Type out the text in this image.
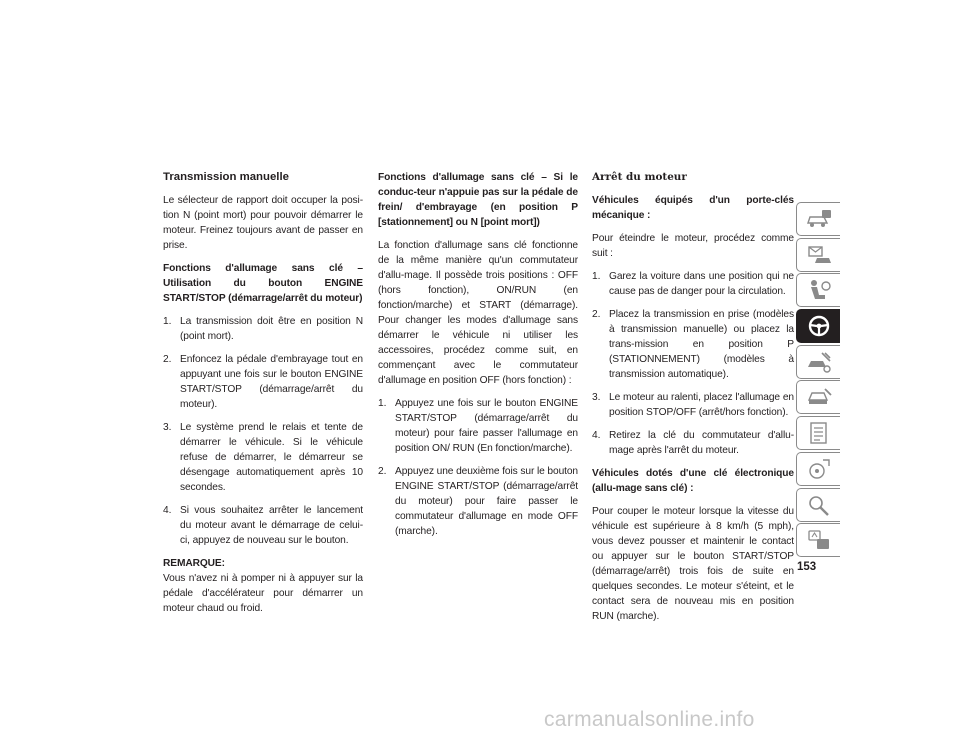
Transmission manuelle
Le sélecteur de rapport doit occuper la posi-tion N (point mort) pour pouvoir démarrer le moteur. Freinez toujours avant de passer en prise.
Fonctions d'allumage sans clé – Utilisation du bouton ENGINE START/STOP (démarrage/arrêt du moteur)
1. La transmission doit être en position N (point mort).
2. Enfoncez la pédale d'embrayage tout en appuyant une fois sur le bouton ENGINE START/STOP (démarrage/arrêt du moteur).
3. Le système prend le relais et tente de démarrer le véhicule. Si le véhicule refuse de démarrer, le démarreur se désengage automatiquement après 10 secondes.
4. Si vous souhaitez arrêter le lancement du moteur avant le démarrage de celui-ci, appuyez de nouveau sur le bouton.
REMARQUE:
Vous n'avez ni à pomper ni à appuyer sur la pédale d'accélérateur pour démarrer un moteur chaud ou froid.
Fonctions d'allumage sans clé – Si le conduc-teur n'appuie pas sur la pédale de frein/ d'embrayage (en position P [stationnement] ou N [point mort])
La fonction d'allumage sans clé fonctionne de la même manière qu'un commutateur d'allu-mage. Il possède trois positions : OFF (hors fonction), ON/RUN (en fonction/marche) et START (démarrage). Pour changer les modes d'allumage sans démarrer le véhicule ni utiliser les accessoires, procédez comme suit, en commençant avec le commutateur d'allumage en position OFF (hors fonction) :
1. Appuyez une fois sur le bouton ENGINE START/STOP (démarrage/arrêt du moteur) pour faire passer l'allumage en position ON/ RUN (En fonction/marche).
2. Appuyez une deuxième fois sur le bouton ENGINE START/STOP (démarrage/arrêt du moteur) pour faire passer le commutateur d'allumage en mode OFF (marche).
Arrêt du moteur
Véhicules équipés d'un porte-clés mécanique :
Pour éteindre le moteur, procédez comme suit :
1. Garez la voiture dans une position qui ne cause pas de danger pour la circulation.
2. Placez la transmission en prise (modèles à transmission manuelle) ou placez la trans-mission en position P (STATIONNEMENT) (modèles à transmission automatique).
3. Le moteur au ralenti, placez l'allumage en position STOP/OFF (arrêt/hors fonction).
4. Retirez la clé du commutateur d'allu-mage après l'arrêt du moteur.
Véhicules dotés d'une clé électronique (allu-mage sans clé) :
Pour couper le moteur lorsque la vitesse du véhicule est supérieure à 8 km/h (5 mph), vous devez pousser et maintenir le contact ou appuyer sur le bouton START/STOP (démarrage/arrêt) trois fois de suite en quelques secondes. Le moteur s'éteint, et le contact sera de nouveau mis en position RUN (marche).
153
carmanualsonline.info
